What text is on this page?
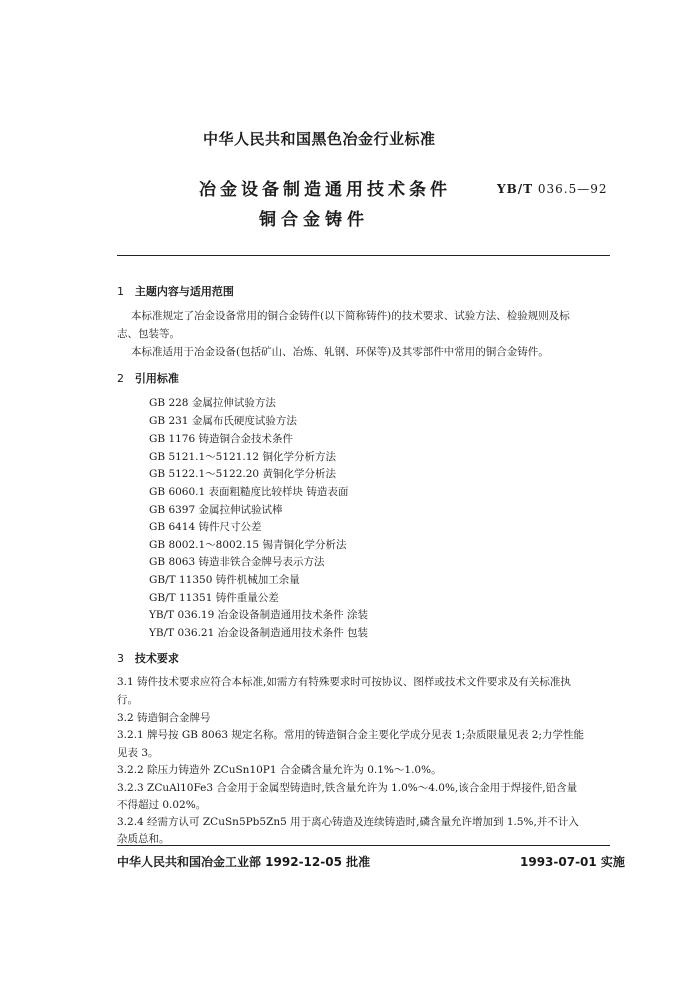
中华人民共和国黑色冶金行业标准
冶金设备制造通用技术条件
铜合金铸件
YB/T 036.5—92
1 主题内容与适用范围
本标准规定了冶金设备常用的铜合金铸件(以下简称铸件)的技术要求、试验方法、检验规则及标
志、包装等。
本标准适用于冶金设备(包括矿山、冶炼、轧钢、环保等)及其零部件中常用的铜合金铸件。
2 引用标准
GB 228 金属拉伸试验方法
GB 231 金属布氏硬度试验方法
GB 1176 铸造铜合金技术条件
GB 5121.1～5121.12 铜化学分析方法
GB 5122.1～5122.20 黄铜化学分析法
GB 6060.1 表面粗糙度比较样块 铸造表面
GB 6397 金属拉伸试验试棒
GB 6414 铸件尺寸公差
GB 8002.1～8002.15 锡青铜化学分析法
GB 8063 铸造非铁合金牌号表示方法
GB/T 11350 铸件机械加工余量
GB/T 11351 铸件重量公差
YB/T 036.19 冶金设备制造通用技术条件 涂装
YB/T 036.21 冶金设备制造通用技术条件 包装
3 技术要求
3.1 铸件技术要求应符合本标准,如需方有特殊要求时可按协议、图样或技术文件要求及有关标准执
行。
3.2 铸造铜合金牌号
3.2.1 牌号按 GB 8063 规定名称。常用的铸造铜合金主要化学成分见表 1;杂质限量见表 2;力学性能
见表 3。
3.2.2 除压力铸造外 ZCuSn10P1 合金磷含量允许为 0.1%～1.0%。
3.2.3 ZCuAl10Fe3 合金用于金属型铸造时,铁含量允许为 1.0%～4.0%,该合金用于焊接件,铅含量
不得超过 0.02%。
3.2.4 经需方认可 ZCuSn5Pb5Zn5 用于离心铸造及连续铸造时,磷含量允许增加到 1.5%,并不计入
杂质总和。
中华人民共和国冶金工业部 1992-12-05 批准	1993-07-01 实施
